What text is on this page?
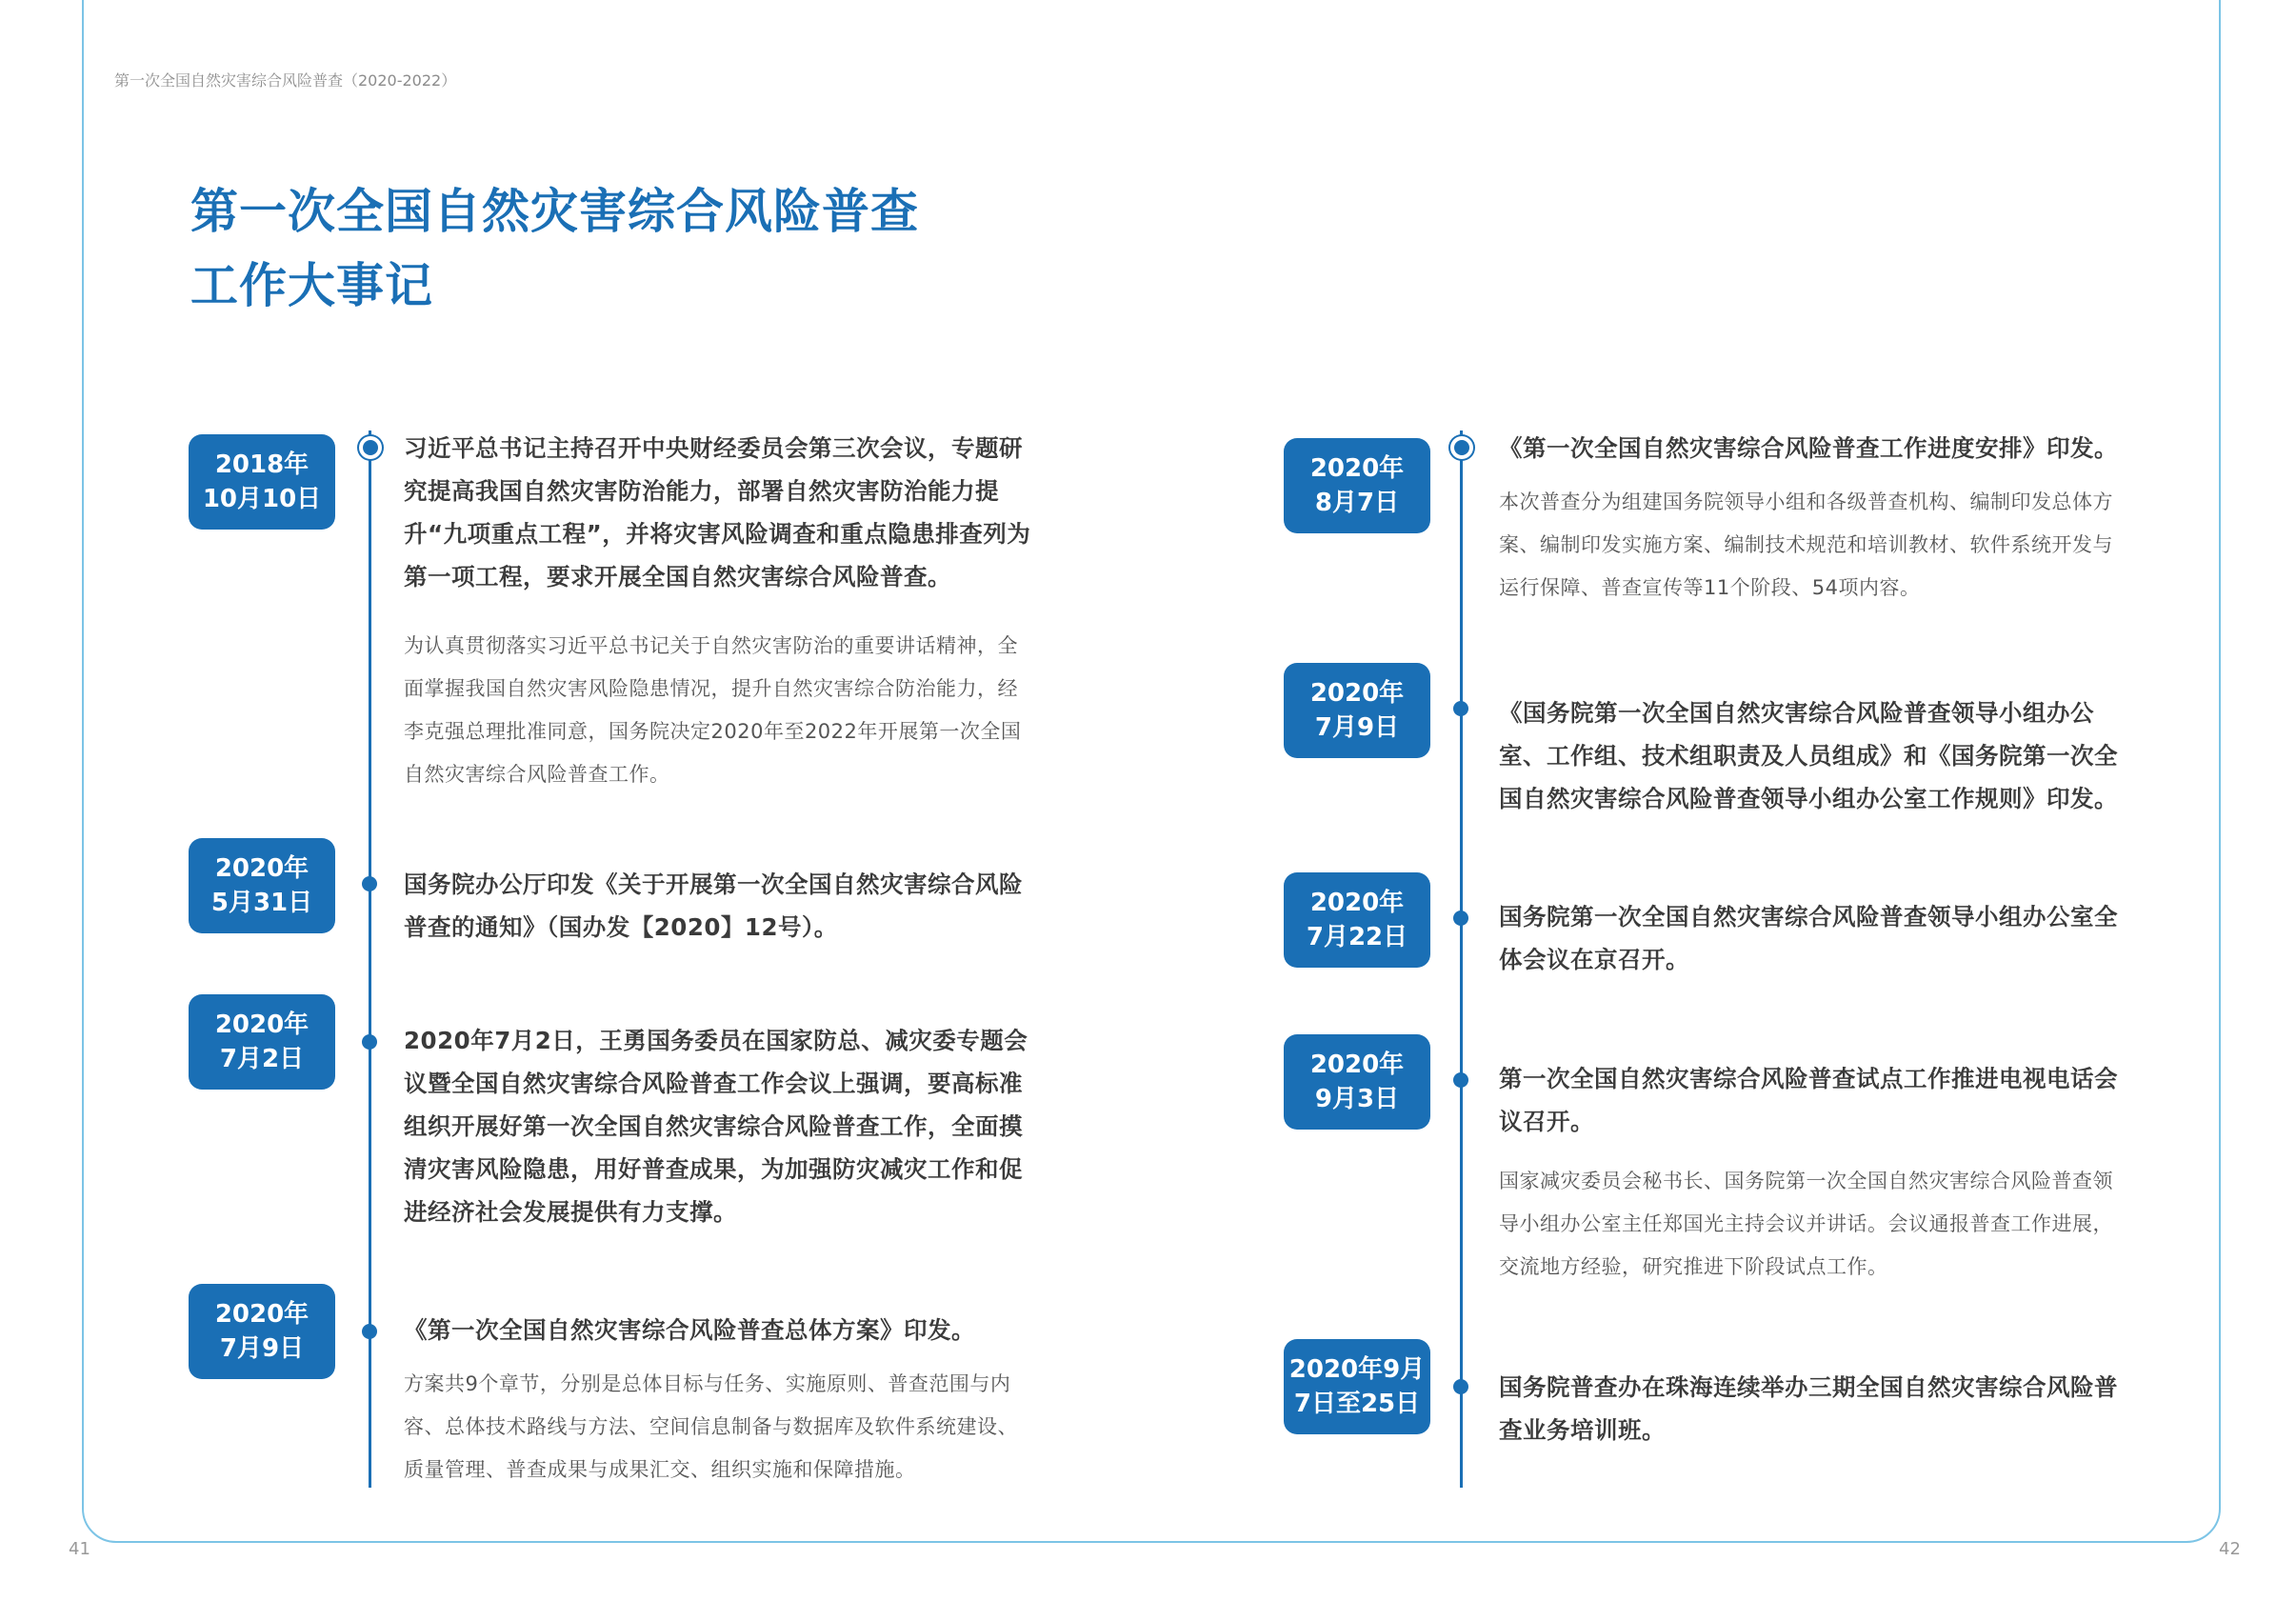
第一次全国自然灾害综合风险普查（2020-2022）
第一次全国自然灾害综合风险普查
工作大事记
2018年
10月10日

习近平总书记主持召开中央财经委员会第三次会议，专题研究提高我国自然灾害防治能力，部署自然灾害防治能力提升“九项重点工程”，并将灾害风险调查和重点隐患排查列为第一项工程，要求开展全国自然灾害综合风险普查。

为认真贯彻落实习近平总书记关于自然灾害防治的重要讲话精神，全面掌握我国自然灾害风险隐患情况，提升自然灾害综合防治能力，经李克强总理批准同意，国务院决定2020年至2022年开展第一次全国自然灾害综合风险普查工作。

2020年
5月31日

国务院办公厅印发《关于开展第一次全国自然灾害综合风险普查的通知》（国办发【2020】12号）。

2020年
7月2日

2020年7月2日，王勇国务委员在国家防总、减灾委专题会议暨全国自然灾害综合风险普查工作会议上强调，要高标准组织开展好第一次全国自然灾害综合风险普查工作，全面摸清灾害风险隐患，用好普查成果，为加强防灾减灾工作和促进经济社会发展提供有力支撑。

2020年
7月9日

《第一次全国自然灾害综合风险普查总体方案》印发。

方案共9个章节，分别是总体目标与任务、实施原则、普查范围与内容、总体技术路线与方法、空间信息制备与数据库及软件系统建设、质量管理、普查成果与成果汇交、组织实施和保障措施。

2020年
8月7日

《第一次全国自然灾害综合风险普查工作进度安排》印发。

本次普查分为组建国务院领导小组和各级普查机构、编制印发总体方案、编制印发实施方案、编制技术规范和培训教材、软件系统开发与运行保障、普查宣传等11个阶段、54项内容。

2020年
7月9日

《国务院第一次全国自然灾害综合风险普查领导小组办公室、工作组、技术组职责及人员组成》和《国务院第一次全国自然灾害综合风险普查领导小组办公室工作规则》印发。

2020年
7月22日

国务院第一次全国自然灾害综合风险普查领导小组办公室全体会议在京召开。

2020年
9月3日

第一次全国自然灾害综合风险普查试点工作推进电视电话会议召开。

国家减灾委员会秘书长、国务院第一次全国自然灾害综合风险普查领导小组办公室主任郑国光主持会议并讲话。会议通报普查工作进展，交流地方经验，研究推进下阶段试点工作。

2020年9月
7日至25日

国务院普查办在珠海连续举办三期全国自然灾害综合风险普查业务培训班。

41	42
